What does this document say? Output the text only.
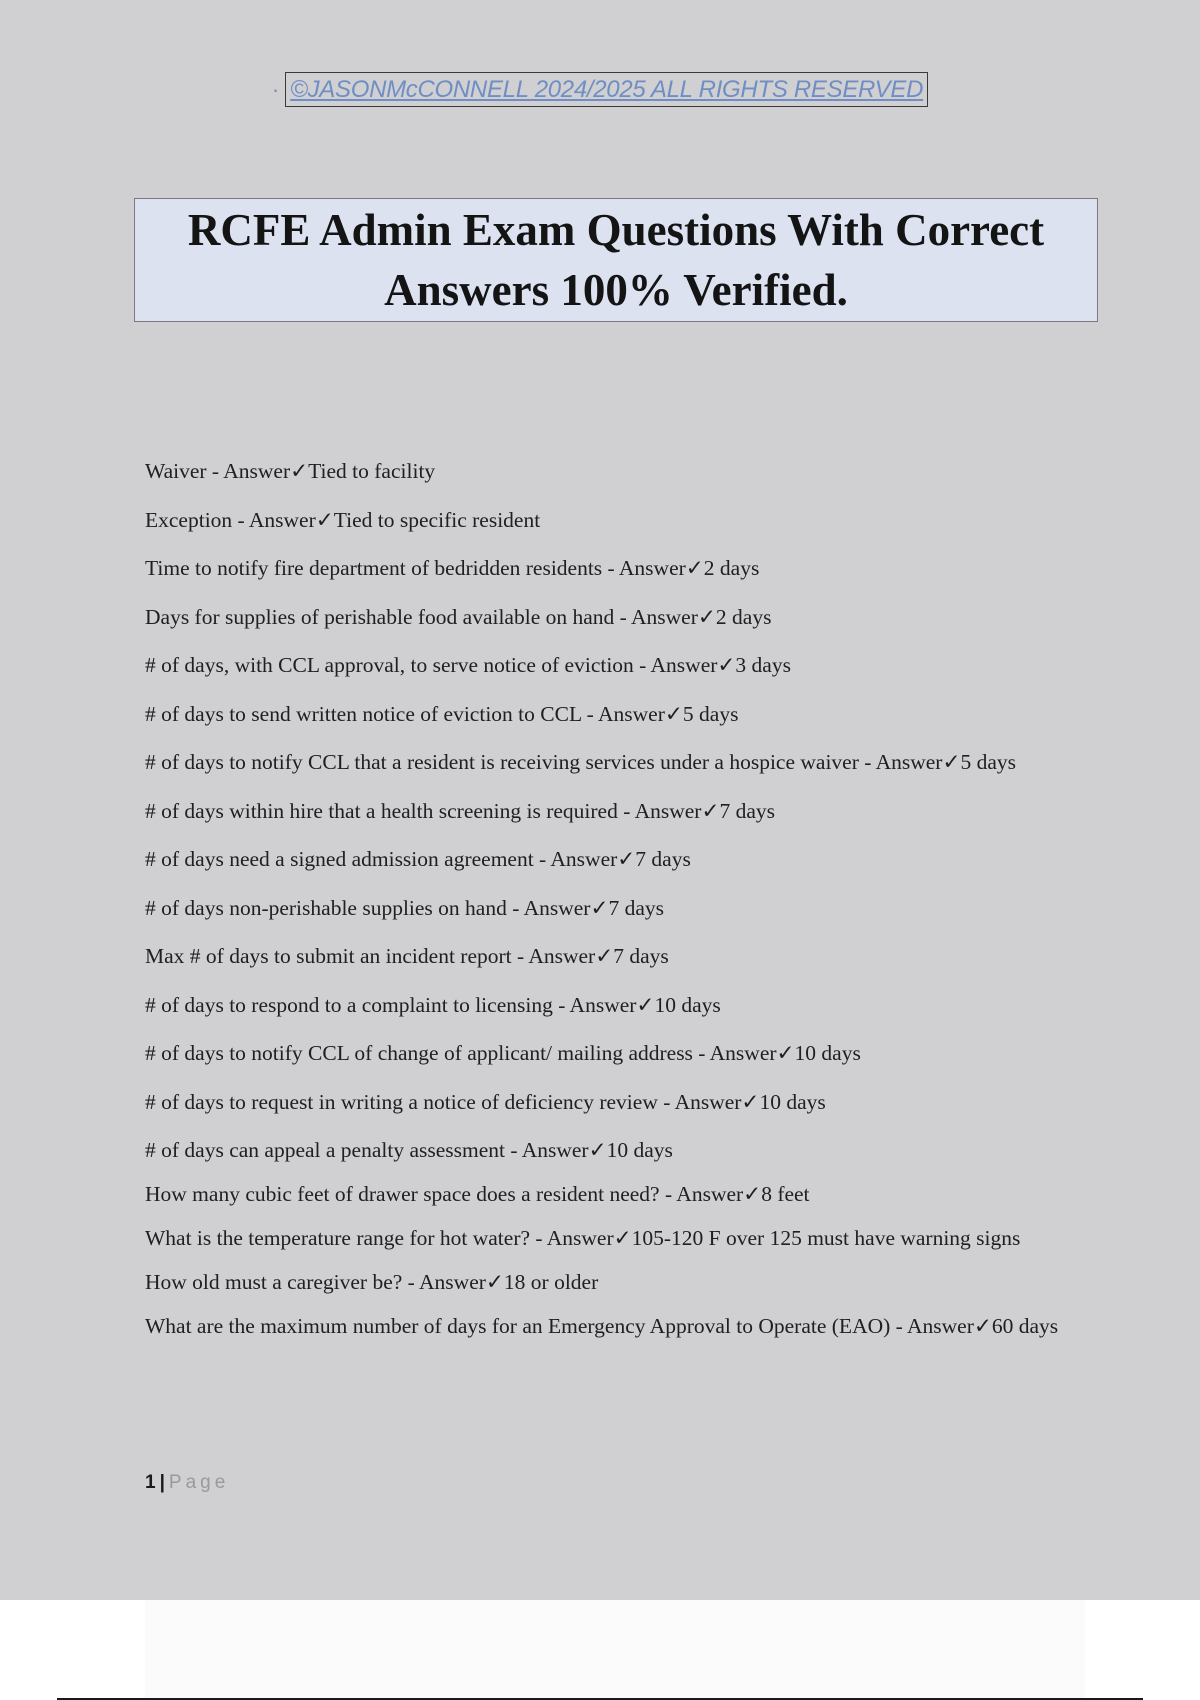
· ©JASONMcCONNELL 2024/2025 ALL RIGHTS RESERVED
RCFE Admin Exam Questions With Correct
Answers 100% Verified.
Waiver - Answer✓Tied to facility
Exception - Answer✓Tied to specific resident
Time to notify fire department of bedridden residents - Answer✓2 days
Days for supplies of perishable food available on hand - Answer✓2 days
# of days, with CCL approval, to serve notice of eviction - Answer✓3 days
# of days to send written notice of eviction to CCL - Answer✓5 days
# of days to notify CCL that a resident is receiving services under a hospice waiver - Answer✓5 days
# of days within hire that a health screening is required - Answer✓7 days
# of days need a signed admission agreement - Answer✓7 days
# of days non-perishable supplies on hand - Answer✓7 days
Max # of days to submit an incident report - Answer✓7 days
# of days to respond to a complaint to licensing - Answer✓10 days
# of days to notify CCL of change of applicant/ mailing address - Answer✓10 days
# of days to request in writing a notice of deficiency review - Answer✓10 days
# of days can appeal a penalty assessment - Answer✓10 days
How many cubic feet of drawer space does a resident need? - Answer✓8 feet
What is the temperature range for hot water? - Answer✓105-120 F over 125 must have warning signs
How old must a caregiver be? - Answer✓18 or older
What are the maximum number of days for an Emergency Approval to Operate (EAO) - Answer✓60 days
1 | Page
